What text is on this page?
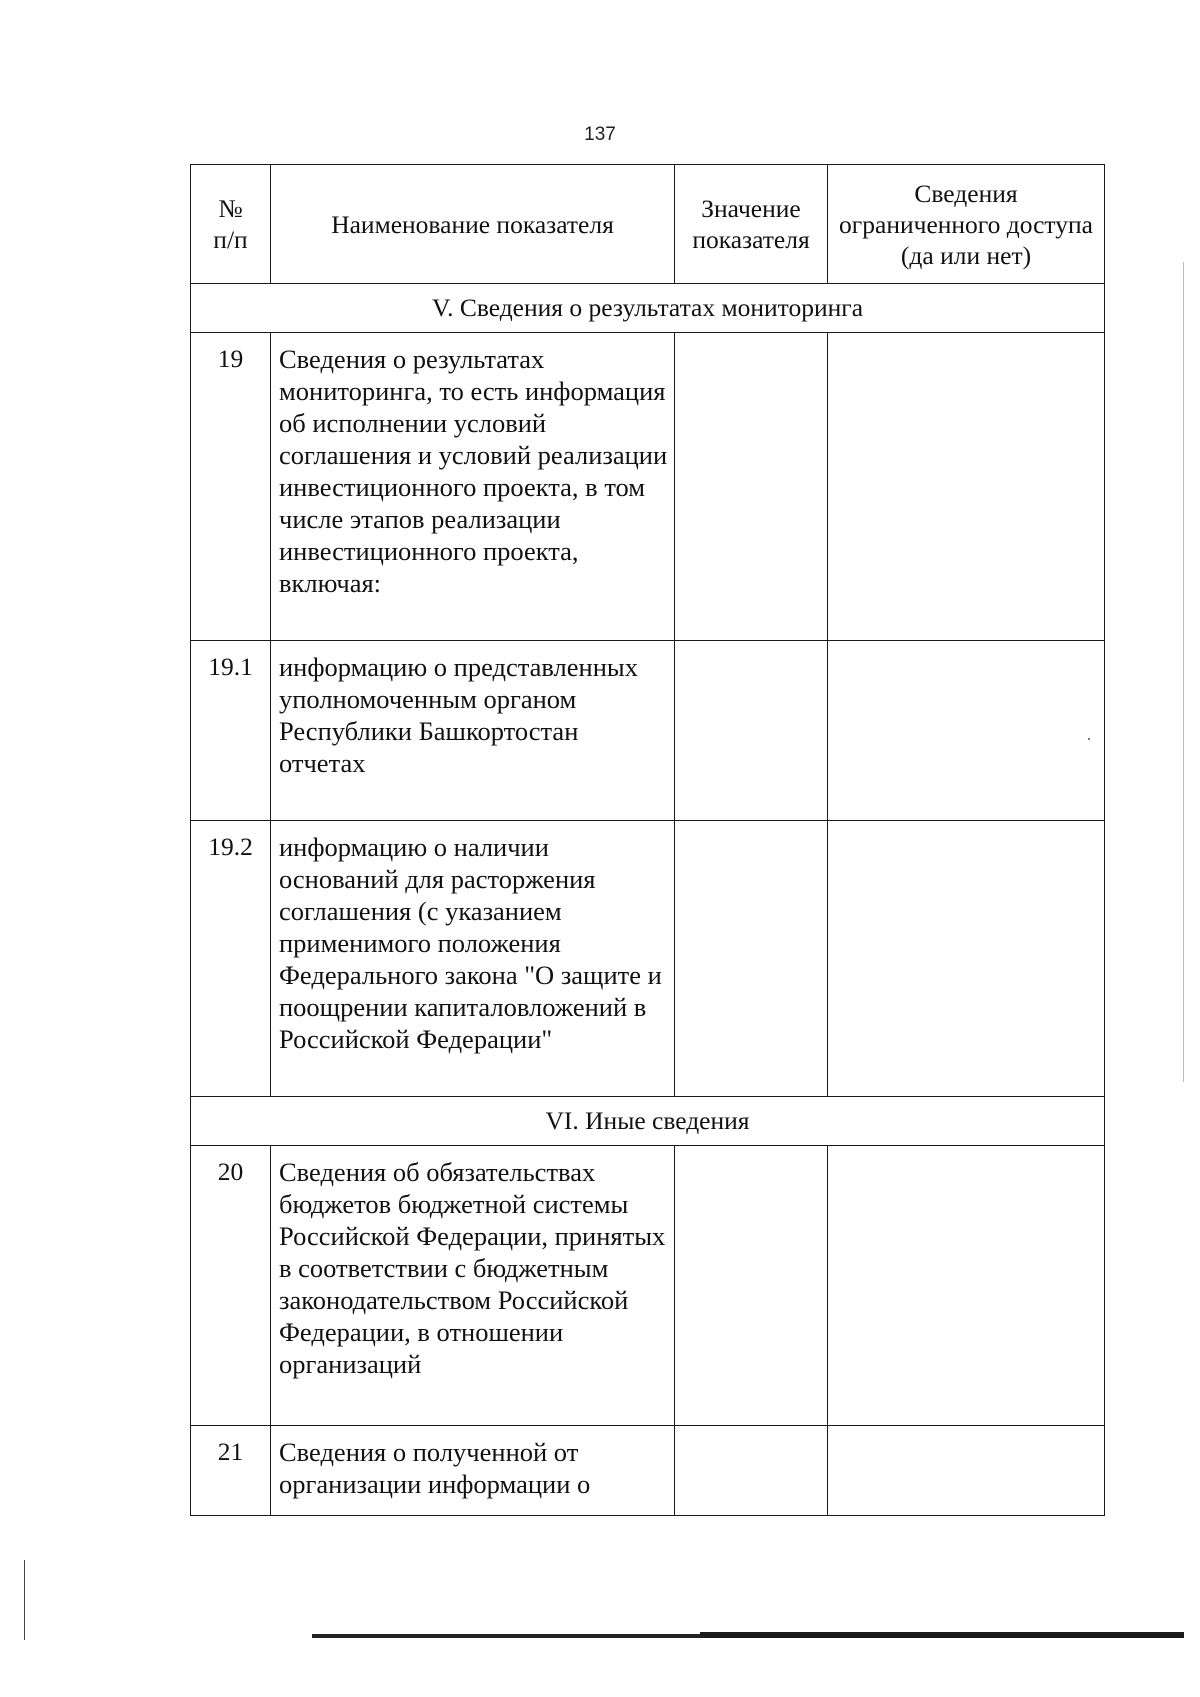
137
№ п/п	Наименование показателя	Значение показателя	Сведения ограниченного доступа (да или нет)
V. Сведения о результатах мониторинга			
19	Сведения о результатах мониторинга, то есть информация об исполнении условий соглашения и условий реализации инвестиционного проекта, в том числе этапов реализации инвестиционного проекта, включая:		
19.1	информацию о представленных уполномоченным органом Республики Башкортостан отчетах		
19.2	информацию о наличии оснований для расторжения соглашения (с указанием применимого положения Федерального закона "О защите и поощрении капиталовложений в Российской Федерации"		
VI. Иные сведения			
20	Сведения об обязательствах бюджетов бюджетной системы Российской Федерации, принятых в соответствии с бюджетным законодательством Российской Федерации, в отношении организаций		
21	Сведения о полученной от организации информации о		
